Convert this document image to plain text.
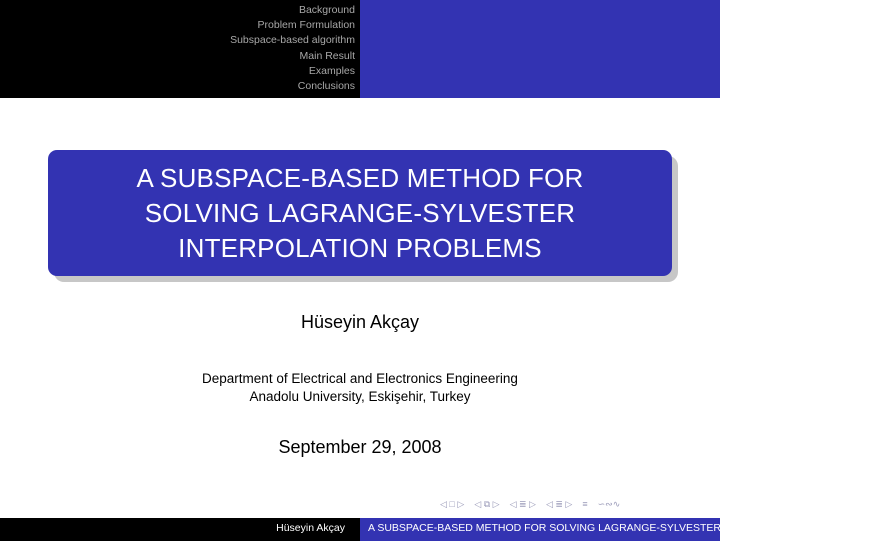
Background
Problem Formulation
Subspace-based algorithm
Main Result
Examples
Conclusions
A SUBSPACE-BASED METHOD FOR
SOLVING LAGRANGE-SYLVESTER
INTERPOLATION PROBLEMS
Hüseyin Akçay
Department of Electrical and Electronics Engineering
Anadolu University, Eskişehir, Turkey
September 29, 2008
◁ □ ▷ ◁ ⧉ ▷ ◁ ≣ ▷ ◁ ≣ ▷ ≡ ∽∾∿
Hüseyin Akçay A SUBSPACE-BASED METHOD FOR SOLVING LAGRANGE-SYLVESTER INTERPOLATION PROBLEMS
